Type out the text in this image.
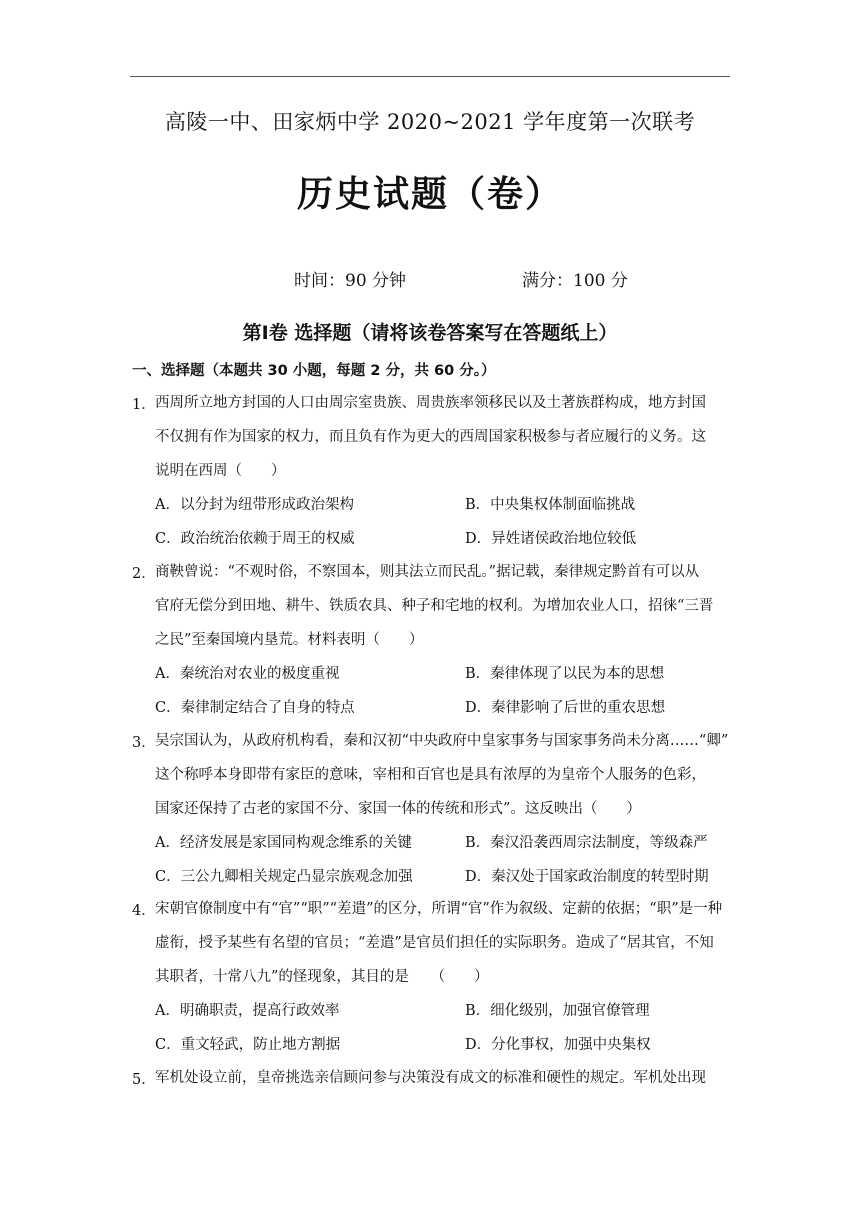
高陵一中、田家炳中学 2020~2021 学年度第一次联考
历史试题（卷）
时间：90 分钟	满分：100 分
第Ⅰ卷 选择题（请将该卷答案写在答题纸上）
一、选择题（本题共 30 小题，每题 2 分，共 60 分。）
1． 西周所立地方封国的人口由周宗室贵族、周贵族率领移民以及土著族群构成，地方封国
不仅拥有作为国家的权力，而且负有作为更大的西周国家积极参与者应履行的义务。这
说明在西周（　　）
A．以分封为纽带形成政治架构	B．中央集权体制面临挑战
C．政治统治依赖于周王的权威	D．异姓诸侯政治地位较低
2． 商鞅曾说：“不观时俗，不察国本，则其法立而民乱。”据记载，秦律规定黔首有可以从
官府无偿分到田地、耕牛、铁质农具、种子和宅地的权利。为增加农业人口，招徕“三晋
之民”至秦国境内垦荒。材料表明（　　）
A．秦统治对农业的极度重视	B．秦律体现了以民为本的思想
C．秦律制定结合了自身的特点	D．秦律影响了后世的重农思想
3． 吴宗国认为，从政府机构看，秦和汉初“中央政府中皇家事务与国家事务尚未分离……“卿”
这个称呼本身即带有家臣的意味，宰相和百官也是具有浓厚的为皇帝个人服务的色彩，
国家还保持了古老的家国不分、家国一体的传统和形式”。这反映出（　　）
A．经济发展是家国同构观念维系的关键	B．秦汉沿袭西周宗法制度，等级森严
C．三公九卿相关规定凸显宗族观念加强	D．秦汉处于国家政治制度的转型时期
4． 宋朝官僚制度中有“官”“职”“差遣”的区分，所谓“官”作为叙级、定薪的依据；“职”是一种
虚衔，授予某些有名望的官员；“差遣”是官员们担任的实际职务。造成了“居其官，不知
其职者，十常八九”的怪现象，其目的是　　（　　）
A．明确职责，提高行政效率	B．细化级别，加强官僚管理
C．重文轻武，防止地方割据	D．分化事权，加强中央集权
5． 军机处设立前，皇帝挑选亲信顾问参与决策没有成文的标准和硬性的规定。军机处出现
